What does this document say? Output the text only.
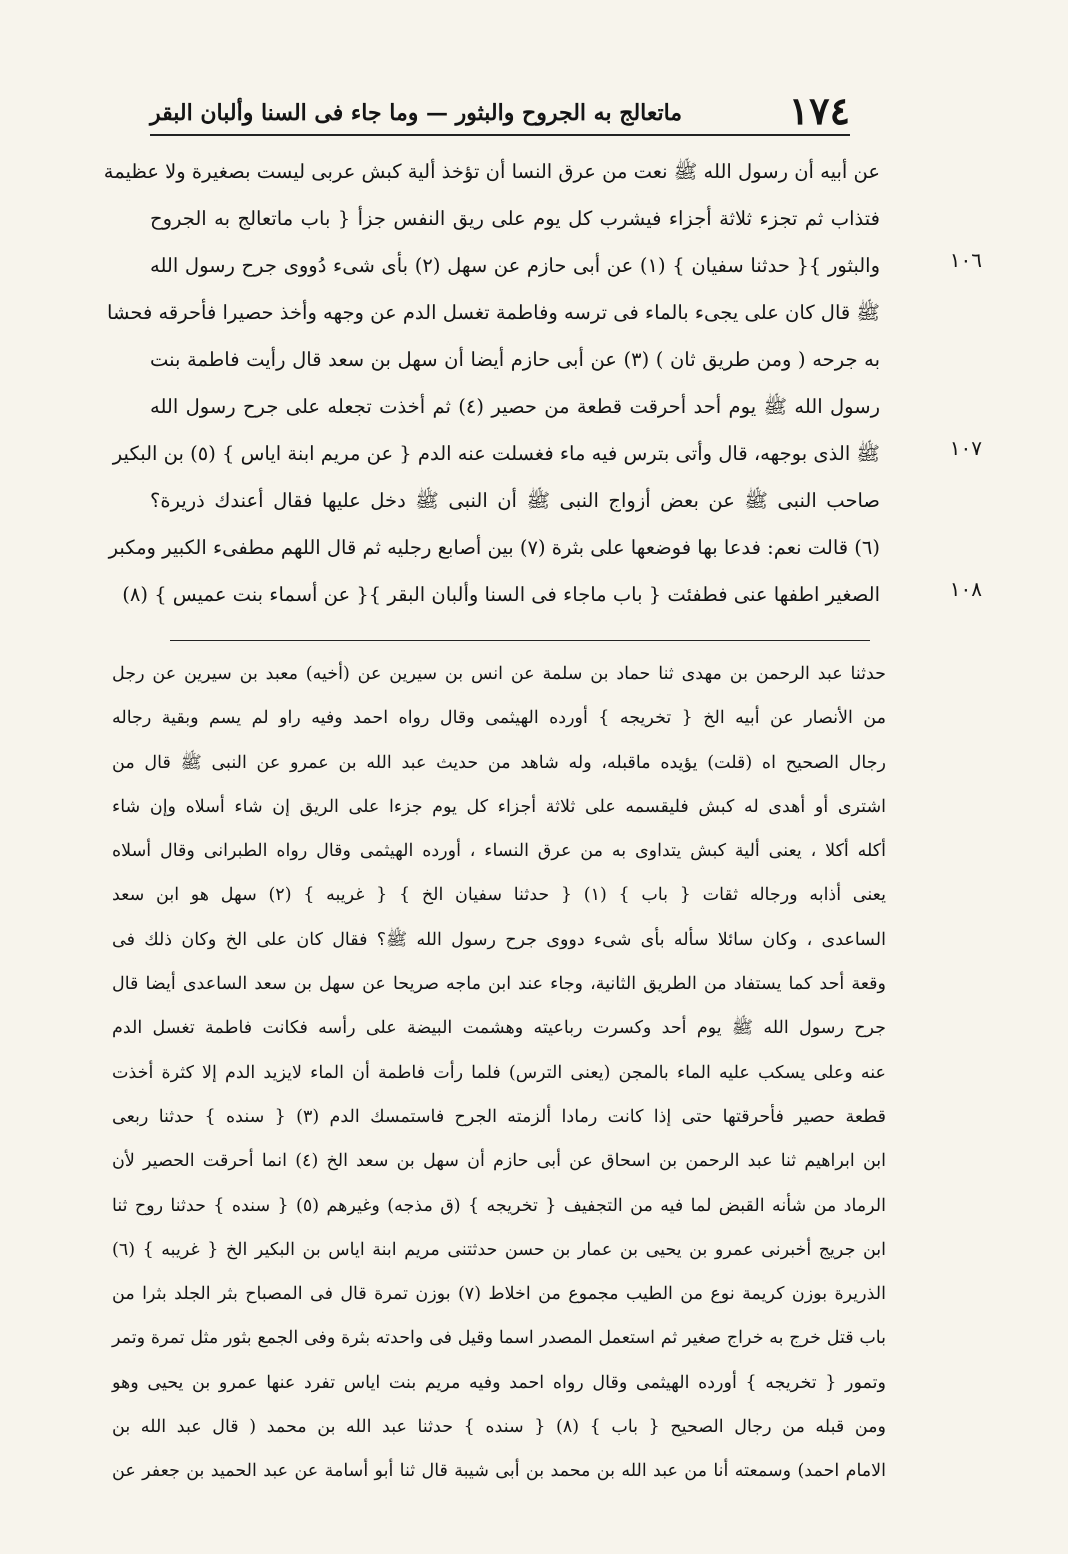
١٧٤
ماتعالج به الجروح والبثور — وما جاء فى السنا وألبان البقر
عن أبيه أن رسول الله ﷺ نعت من عرق النسا أن تؤخذ ألية كبش عربى ليست بصغيرة ولا عظيمة
فتذاب ثم تجزء ثلاثة أجزاء فيشرب كل يوم على ريق النفس جزأ { باب ماتعالج به الجروح
والبثور }{ حدثنا سفيان } (١) عن أبى حازم عن سهل (٢) بأى شىء دُووى جرح رسول الله
ﷺ قال كان على يجىء بالماء فى ترسه وفاطمة تغسل الدم عن وجهه وأخذ حصيرا فأحرقه فحشا
به جرحه ( ومن طريق ثان ) (٣) عن أبى حازم أيضا أن سهل بن سعد قال رأيت فاطمة بنت
رسول الله ﷺ يوم أحد أحرقت قطعة من حصير (٤) ثم أخذت تجعله على جرح رسول الله
ﷺ الذى بوجهه، قال وأتى بترس فيه ماء فغسلت عنه الدم { عن مريم ابنة اياس } (٥) بن البكير
صاحب النبى ﷺ عن بعض أزواج النبى ﷺ أن النبى ﷺ دخل عليها فقال أعندك ذريرة؟
(٦) قالت نعم: فدعا بها فوضعها على بثرة (٧) بين أصابع رجليه ثم قال اللهم مطفىء الكبير ومكبر
الصغير اطفها عنى فطفئت { باب ماجاء فى السنا وألبان البقر }{ عن أسماء بنت عميس } (٨)
١٠٦
١٠٧
١٠٨
حدثنا عبد الرحمن بن مهدى ثنا حماد بن سلمة عن انس بن سيرين عن (أخيه) معبد بن سيرين عن رجل
من الأنصار عن أبيه الخ { تخريجه } أورده الهيثمى وقال رواه احمد وفيه راو لم يسم وبقية رجاله
رجال الصحيح اه (قلت) يؤيده ماقبله، وله شاهد من حديث عبد الله بن عمرو عن النبى ﷺ قال من
اشترى أو أهدى له كبش فليقسمه على ثلاثة أجزاء كل يوم جزءا على الريق إن شاء أسلاه وإن شاء
أكله أكلا ، يعنى ألية كبش يتداوى به من عرق النساء ، أورده الهيثمى وقال رواه الطبرانى وقال أسلاه
يعنى أذابه ورجاله ثقات { باب } (١) { حدثنا سفيان الخ } { غريبه } (٢) سهل هو ابن سعد
الساعدى ، وكان سائلا سأله بأى شىء دووى جرح رسول الله ﷺ؟ فقال كان على الخ وكان ذلك فى
وقعة أحد كما يستفاد من الطريق الثانية، وجاء عند ابن ماجه صريحا عن سهل بن سعد الساعدى أيضا قال
جرح رسول الله ﷺ يوم أحد وكسرت رباعيته وهشمت البيضة على رأسه فكانت فاطمة تغسل الدم
عنه وعلى يسكب عليه الماء بالمجن (يعنى الترس) فلما رأت فاطمة أن الماء لايزيد الدم إلا كثرة أخذت
قطعة حصير فأحرقتها حتى إذا كانت رمادا ألزمته الجرح فاستمسك الدم (٣) { سنده } حدثنا ربعى
ابن ابراهيم ثنا عبد الرحمن بن اسحاق عن أبى حازم أن سهل بن سعد الخ (٤) انما أحرقت الحصير لأن
الرماد من شأنه القبض لما فيه من التجفيف { تخريجه } (ق مذجه) وغيرهم (٥) { سنده } حدثنا روح ثنا
ابن جريج أخبرنى عمرو بن يحيى بن عمار بن حسن حدثتنى مريم ابنة اياس بن البكير الخ { غريبه } (٦)
الذريرة بوزن كريمة نوع من الطيب مجموع من اخلاط (٧) بوزن تمرة قال فى المصباح بثر الجلد بثرا من
باب قتل خرج به خراج صغير ثم استعمل المصدر اسما وقيل فى واحدته بثرة وفى الجمع بثور مثل تمرة وتمر
وتمور { تخريجه } أورده الهيثمى وقال رواه احمد وفيه مريم بنت اياس تفرد عنها عمرو بن يحيى وهو
ومن قبله من رجال الصحيح { باب } (٨) { سنده } حدثنا عبد الله بن محمد ( قال عبد الله بن
الامام احمد) وسمعته أنا من عبد الله بن محمد بن أبى شيبة قال ثنا أبو أسامة عن عبد الحميد بن جعفر عن
